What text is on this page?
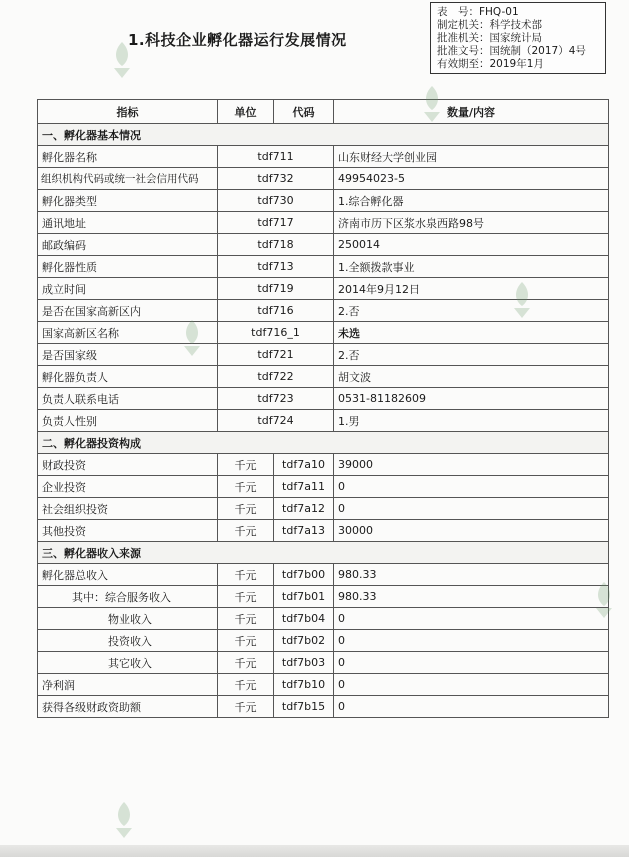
1.科技企业孵化器运行发展情况
表　号：FHQ-01
制定机关：科学技术部
批准机关：国家统计局
批准文号：国统制（2017）4号
有效期至：2019年1月
指标	单位	代码	数量/内容
一、孵化器基本情况			
孵化器名称	tdf711		山东财经大学创业园
组织机构代码或统一社会信用代码	tdf732		49954023-5
孵化器类型	tdf730		1.综合孵化器
通讯地址	tdf717		济南市历下区浆水泉西路98号
邮政编码	tdf718		250014
孵化器性质	tdf713		1.全额拨款事业
成立时间	tdf719		2014年9月12日
是否在国家高新区内	tdf716		2.否
国家高新区名称	tdf716_1		未选
是否国家级	tdf721		2.否
孵化器负责人	tdf722		胡文波
负责人联系电话	tdf723		0531-81182609
负责人性别	tdf724		1.男
二、孵化器投资构成			
财政投资	千元	tdf7a10	39000
企业投资	千元	tdf7a11	0
社会组织投资	千元	tdf7a12	0
其他投资	千元	tdf7a13	30000
三、孵化器收入来源			
孵化器总收入	千元	tdf7b00	980.33
其中：综合服务收入	千元	tdf7b01	980.33
物业收入	千元	tdf7b04	0
投资收入	千元	tdf7b02	0
其它收入	千元	tdf7b03	0
净利润	千元	tdf7b10	0
获得各级财政资助额	千元	tdf7b15	0
